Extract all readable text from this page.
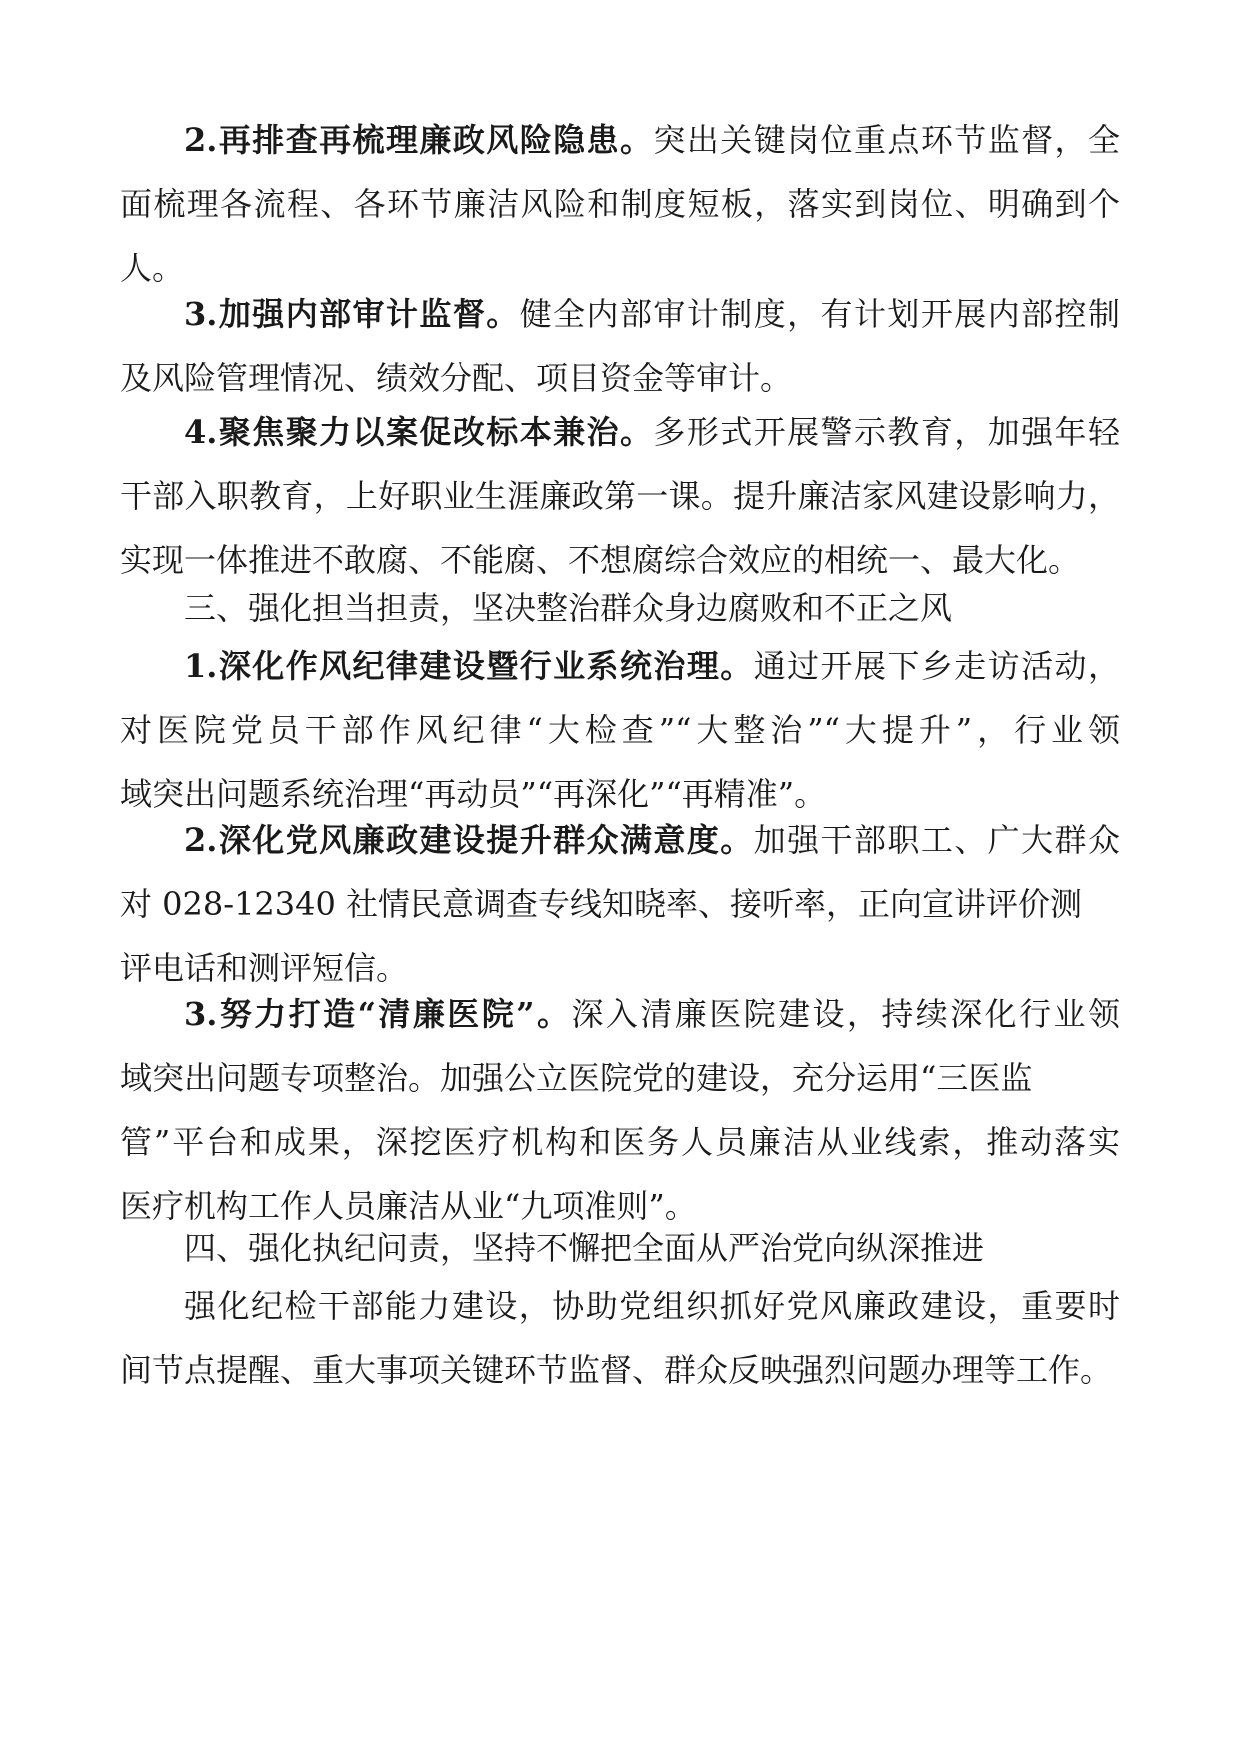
2.再排查再梳理廉政风险隐患。突出关键岗位重点环节监督，全
面梳理各流程、各环节廉洁风险和制度短板，落实到岗位、明确到个
人。
3.加强内部审计监督。健全内部审计制度，有计划开展内部控制
及风险管理情况、绩效分配、项目资金等审计。
4.聚焦聚力以案促改标本兼治。多形式开展警示教育，加强年轻
干部入职教育，上好职业生涯廉政第一课。提升廉洁家风建设影响力，
实现一体推进不敢腐、不能腐、不想腐综合效应的相统一、最大化。
三、强化担当担责，坚决整治群众身边腐败和不正之风
1.深化作风纪律建设暨行业系统治理。通过开展下乡走访活动，
对医院党员干部作风纪律“大检查”“大整治”“大提升”，行业领
域突出问题系统治理“再动员”“再深化”“再精准”。
2.深化党风廉政建设提升群众满意度。加强干部职工、广大群众
对 028-12340 社情民意调查专线知晓率、接听率，正向宣讲评价测
评电话和测评短信。
3.努力打造“清廉医院”。深入清廉医院建设，持续深化行业领
域突出问题专项整治。加强公立医院党的建设，充分运用“三医监
管”平台和成果，深挖医疗机构和医务人员廉洁从业线索，推动落实
医疗机构工作人员廉洁从业“九项准则”。
四、强化执纪问责，坚持不懈把全面从严治党向纵深推进
强化纪检干部能力建设，协助党组织抓好党风廉政建设，重要时
间节点提醒、重大事项关键环节监督、群众反映强烈问题办理等工作。
